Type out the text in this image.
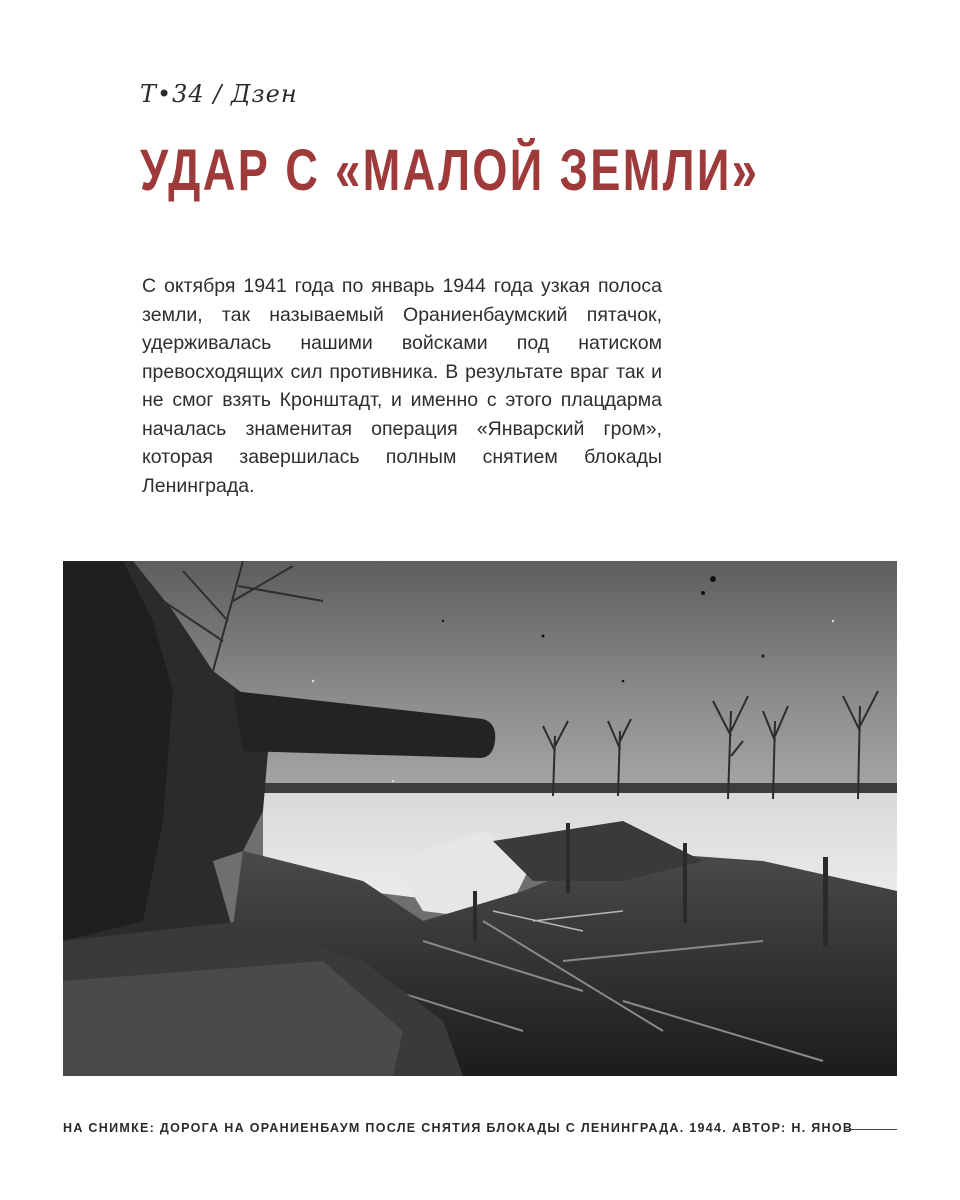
Т•34 / Дзен
УДАР С «МАЛОЙ ЗЕМЛИ»

С октября 1941 года по январь 1944 года узкая полоса земли, так называемый Ораниенбаумский пятачок, удерживалась нашими войсками под натиском превосходящих сил противника. В результате враг так и не смог взять Кронштадт, и именно с этого плацдарма началась знаменитая операция «Январский гром», которая завершилась полным снятием блокады Ленинграда.

НА СНИМКЕ: ДОРОГА НА ОРАНИЕНБАУМ ПОСЛЕ СНЯТИЯ БЛОКАДЫ С ЛЕНИНГРАДА. 1944. АВТОР: Н. ЯНОВ
